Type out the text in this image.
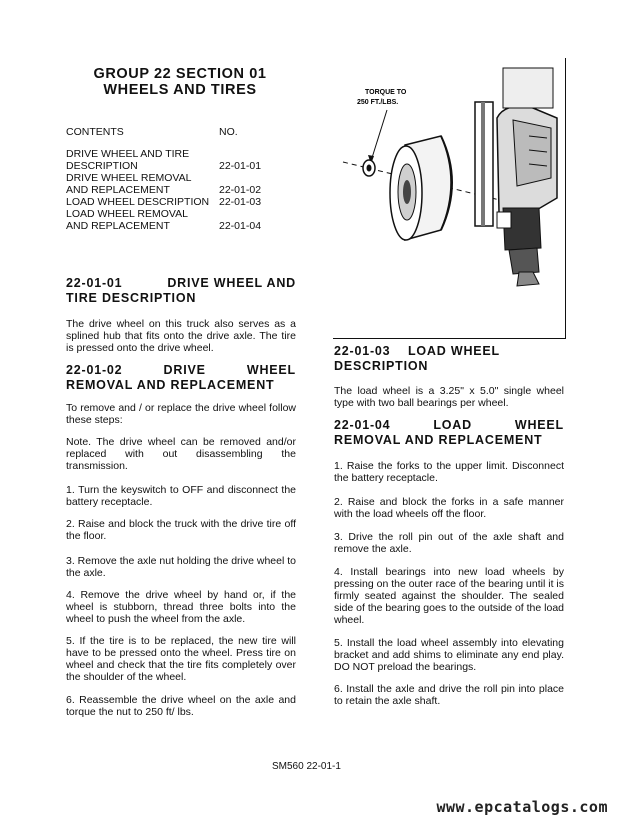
GROUP 22 SECTION 01
WHEELS AND TIRES
CONTENTS	NO.
DRIVE WHEEL AND TIRE
DESCRIPTION	22-01-01
DRIVE WHEEL REMOVAL
AND REPLACEMENT	22-01-02
LOAD WHEEL DESCRIPTION 22-01-03
LOAD WHEEL REMOVAL
AND REPLACEMENT	22-01-04
22-01-01	DRIVE WHEEL AND
TIRE DESCRIPTION
The drive wheel on this truck also serves as a splined hub that fits onto the drive axle. The tire is pressed onto the drive wheel.
22-01-02	DRIVE	WHEEL
REMOVAL AND REPLACEMENT
To remove and / or replace the drive wheel follow these steps:
Note. The drive wheel can be removed and/or replaced with out disassembling the transmission.
1. Turn the keyswitch to OFF and disconnect the battery receptacle.
2. Raise and block the truck with the drive tire off the floor.
3. Remove the axle nut holding the drive wheel to the axle.
4. Remove the drive wheel by hand or, if the wheel is stubborn, thread three bolts into the wheel to push the wheel from the axle.
5. If the tire is to be replaced, the new tire will have to be pressed onto the wheel. Press tire on wheel and check that the tire fits completely over the shoulder of the wheel.
6. Reassemble the drive wheel on the axle and torque the nut to 250 ft/ lbs.
TORQUE TO
250 FT./LBS.
22-01-03 LOAD WHEEL
DESCRIPTION
The load wheel is a 3.25" x 5.0" single wheel type with two ball bearings per wheel.
22-01-04	LOAD	WHEEL
REMOVAL AND REPLACEMENT
1. Raise the forks to the upper limit. Disconnect the battery receptacle.
2. Raise and block the forks in a safe manner with the load wheels off the floor.
3. Drive the roll pin out of the axle shaft and remove the axle.
4. Install bearings into new load wheels by pressing on the outer race of the bearing until it is firmly seated against the shoulder. The sealed side of the bearing goes to the outside of the load wheel.
5. Install the load wheel assembly into elevating bracket and add shims to eliminate any end play. DO NOT preload the bearings.
6. Install the axle and drive the roll pin into place to retain the axle shaft.
SM560 22-01-1
www.epcatalogs.com
